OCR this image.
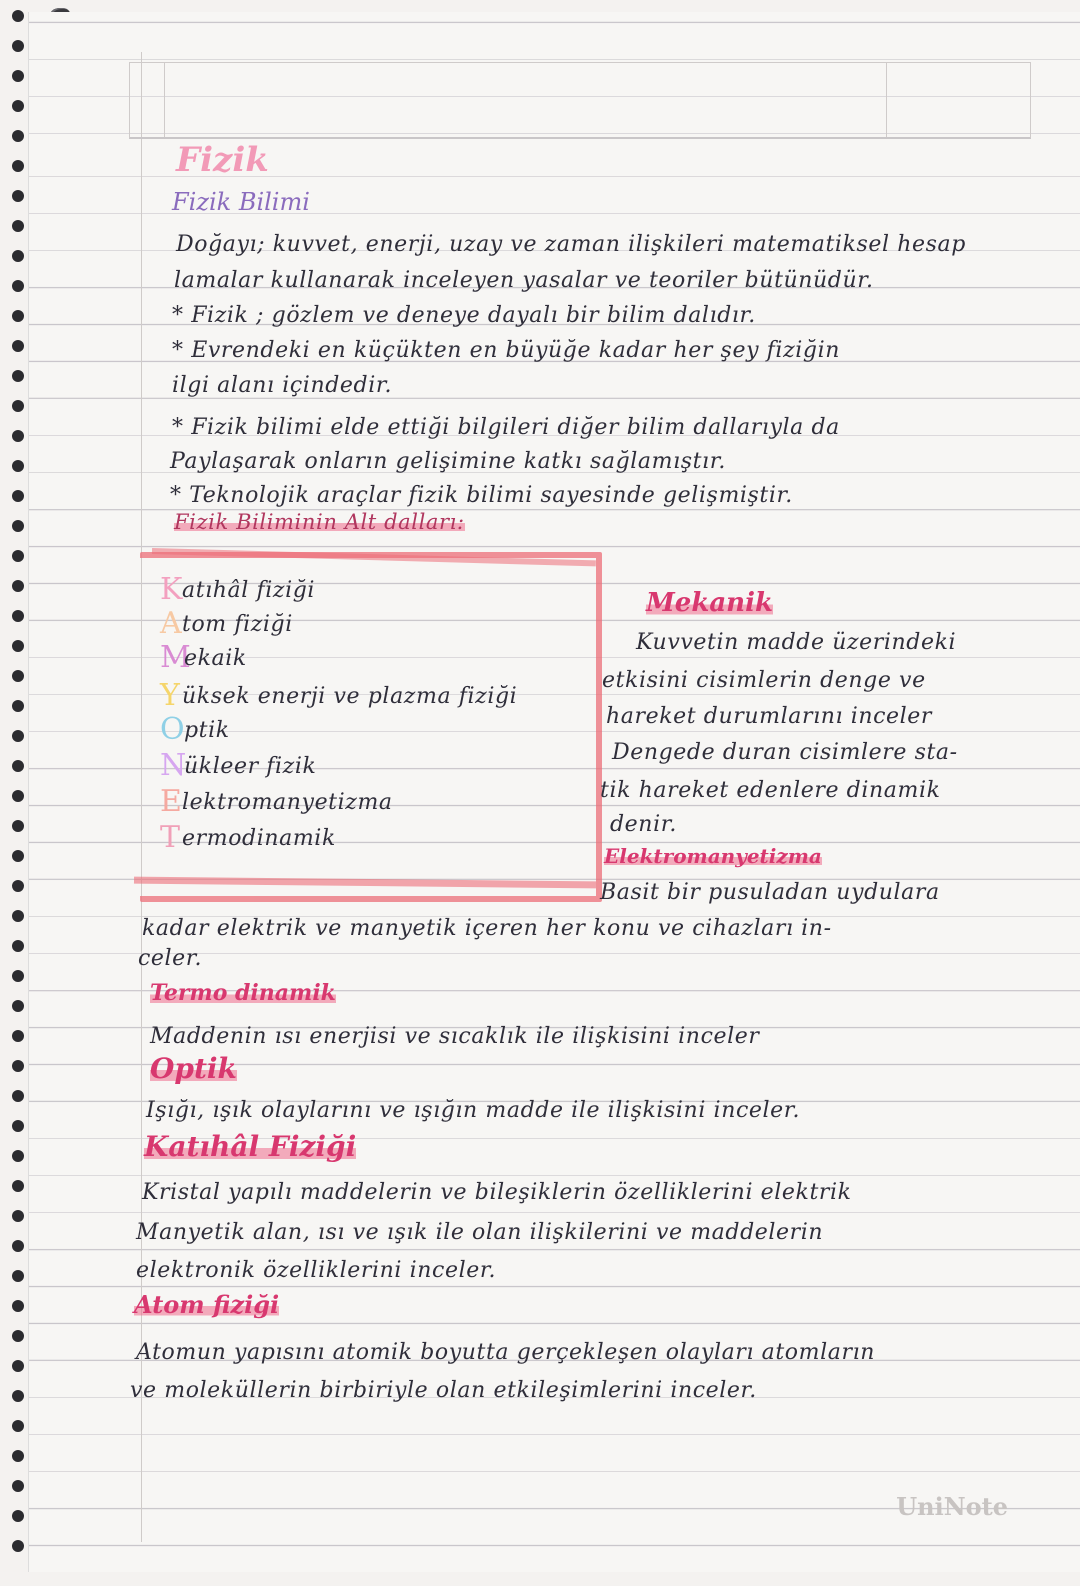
Fizik
Fizik Bilimi
Doğayı; kuvvet, enerji, uzay ve zaman ilişkileri matematiksel hesap
lamalar kullanarak inceleyen yasalar ve teoriler bütünüdür.
* Fizik ; gözlem ve deneye dayalı bir bilim dalıdır.
* Evrendeki en küçükten en büyüğe kadar her şey fiziğin
ilgi alanı içindedir.
* Fizik bilimi elde ettiği bilgileri diğer bilim dallarıyla da
Paylaşarak onların gelişimine katkı sağlamıştır.
* Teknolojik araçlar fizik bilimi sayesinde gelişmiştir.
Fizik Biliminin Alt dalları:
K atıhâl fiziği
A tom fiziği
M
ekaik
Y üksek enerji ve plazma fiziği
O ptik
N
ükleer fizik
E lektromanyetizma
T ermodinamik
Mekanik
Kuvvetin madde üzerindeki
etkisini cisimlerin denge ve
hareket durumlarını inceler
Dengede duran cisimlere sta-
tik hareket edenlere dinamik
denir.
Elektromanyetizma
Basit bir pusuladan uydulara
kadar elektrik ve manyetik içeren her konu ve cihazları in-
celer.
Termo dinamik
Maddenin ısı enerjisi ve sıcaklık ile ilişkisini inceler
Optik
Işığı, ışık olaylarını ve ışığın madde ile ilişkisini inceler.
Katıhâl Fiziği
Kristal yapılı maddelerin ve bileşiklerin özelliklerini elektrik
Manyetik alan, ısı ve ışık ile olan ilişkilerini ve maddelerin
elektronik özelliklerini inceler.
Atom fiziği
Atomun yapısını atomik boyutta gerçekleşen olayları atomların
ve moleküllerin birbiriyle olan etkileşimlerini inceler.
UniNote
